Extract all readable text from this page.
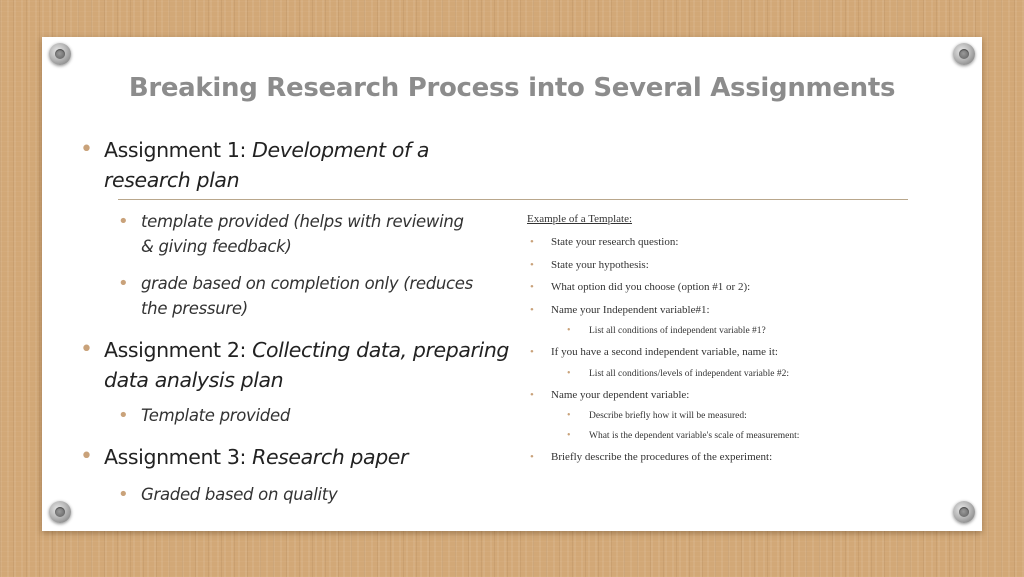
Breaking Research Process into Several Assignments
• Assignment 1: Development of a research plan
• template provided (helps with reviewing & giving feedback)
• grade based on completion only (reduces the pressure)
• Assignment 2: Collecting data, preparing data analysis plan
• Template provided
• Assignment 3: Research paper
• Graded based on quality
Example of a Template:
• State your research question:
• State your hypothesis:
• What option did you choose (option #1 or 2):
• Name your Independent variable#1:
• List all conditions of independent variable #1?
• If you have a second independent variable, name it:
• List all conditions/levels of independent variable #2:
• Name your dependent variable:
• Describe briefly how it will be measured:
• What is the dependent variable's scale of measurement:
• Briefly describe the procedures of the experiment:
